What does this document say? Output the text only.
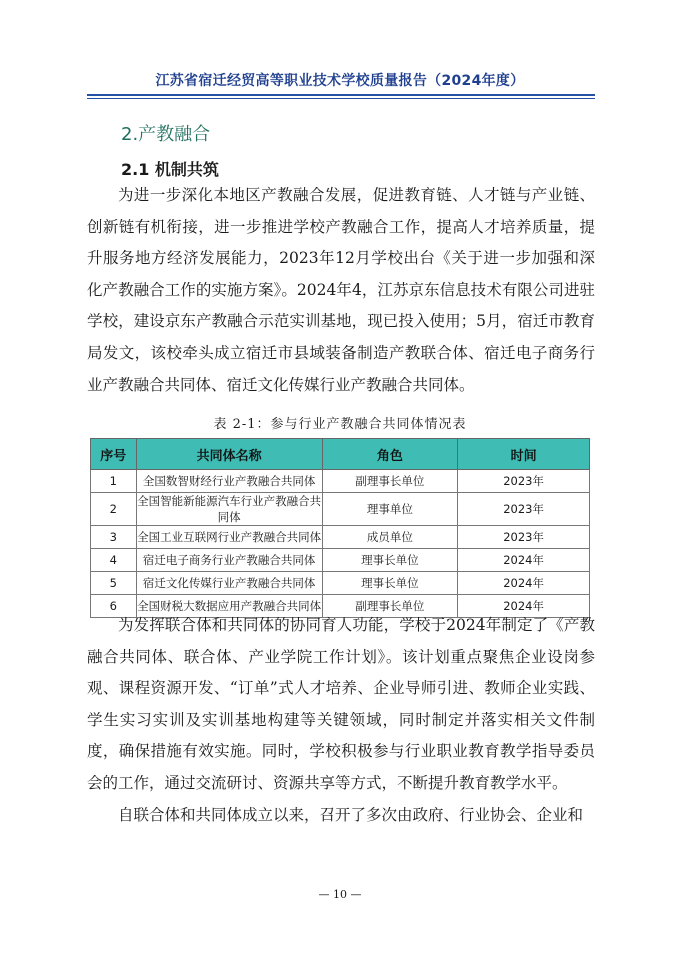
江苏省宿迁经贸高等职业技术学校质量报告（2024年度）
2.产教融合
2.1 机制共筑

为进一步深化本地区产教融合发展，促进教育链、人才链与产业链、创新链有机衔接，进一步推进学校产教融合工作，提高人才培养质量，提升服务地方经济发展能力，2023年12月学校出台《关于进一步加强和深化产教融合工作的实施方案》。2024年4，江苏京东信息技术有限公司进驻学校，建设京东产教融合示范实训基地，现已投入使用；5月，宿迁市教育局发文，该校牵头成立宿迁市县域装备制造产教联合体、宿迁电子商务行业产教融合共同体、宿迁文化传媒行业产教融合共同体。

表 2-1：参与行业产教融合共同体情况表
序号	共同体名称	角色	时间
1	全国数智财经行业产教融合共同体	副理事长单位	2023年
2	全国智能新能源汽车行业产教融合共同体	理事单位	2023年
3	全国工业互联网行业产教融合共同体	成员单位	2023年
4	宿迁电子商务行业产教融合共同体	理事长单位	2024年
5	宿迁文化传媒行业产教融合共同体	理事长单位	2024年
6	全国财税大数据应用产教融合共同体	副理事长单位	2024年

为发挥联合体和共同体的协同育人功能，学校于2024年制定了《产教融合共同体、联合体、产业学院工作计划》。该计划重点聚焦企业设岗参观、课程资源开发、“订单”式人才培养、企业导师引进、教师企业实践、学生实习实训及实训基地构建等关键领域，同时制定并落实相关文件制度，确保措施有效实施。同时，学校积极参与行业职业教育教学指导委员会的工作，通过交流研讨、资源共享等方式，不断提升教育教学水平。

自联合体和共同体成立以来，召开了多次由政府、行业协会、企业和

— 10 —
